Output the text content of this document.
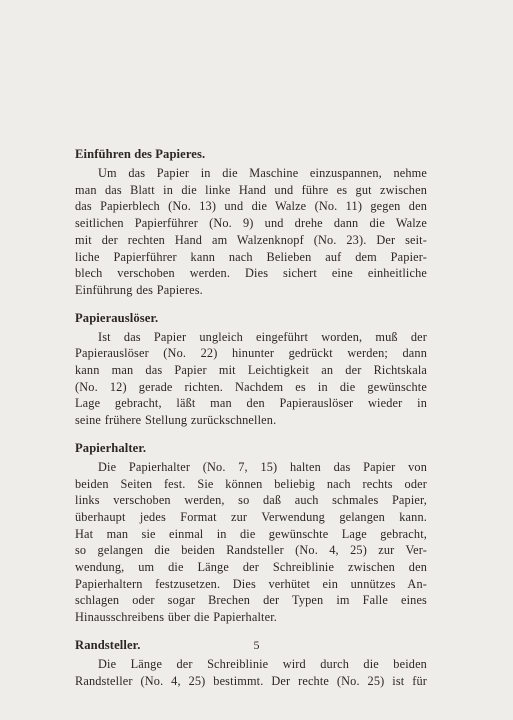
Einführen des Papieres.
Um das Papier in die Maschine einzuspannen, nehme
man das Blatt in die linke Hand und führe es gut zwischen
das Papierblech (No. 13) und die Walze (No. 11) gegen den
seitlichen Papierführer (No. 9) und drehe dann die Walze
mit der rechten Hand am Walzenknopf (No. 23). Der seit-
liche Papierführer kann nach Belieben auf dem Papier-
blech verschoben werden. Dies sichert eine einheitliche
Einführung des Papieres.
Papierauslöser.
Ist das Papier ungleich eingeführt worden, muß der
Papierauslöser (No. 22) hinunter gedrückt werden; dann
kann man das Papier mit Leichtigkeit an der Richtskala
(No. 12) gerade richten. Nachdem es in die gewünschte
Lage gebracht, läßt man den Papierauslöser wieder in
seine frühere Stellung zurückschnellen.
Papierhalter.
Die Papierhalter (No. 7, 15) halten das Papier von
beiden Seiten fest. Sie können beliebig nach rechts oder
links verschoben werden, so daß auch schmales Papier,
überhaupt jedes Format zur Verwendung gelangen kann.
Hat man sie einmal in die gewünschte Lage gebracht,
so gelangen die beiden Randsteller (No. 4, 25) zur Ver-
wendung, um die Länge der Schreiblinie zwischen den
Papierhaltern festzusetzen. Dies verhütet ein unnützes An-
schlagen oder sogar Brechen der Typen im Falle eines
Hinausschreibens über die Papierhalter.
Randsteller.
Die Länge der Schreiblinie wird durch die beiden
Randsteller (No. 4, 25) bestimmt. Der rechte (No. 25) ist für
5
